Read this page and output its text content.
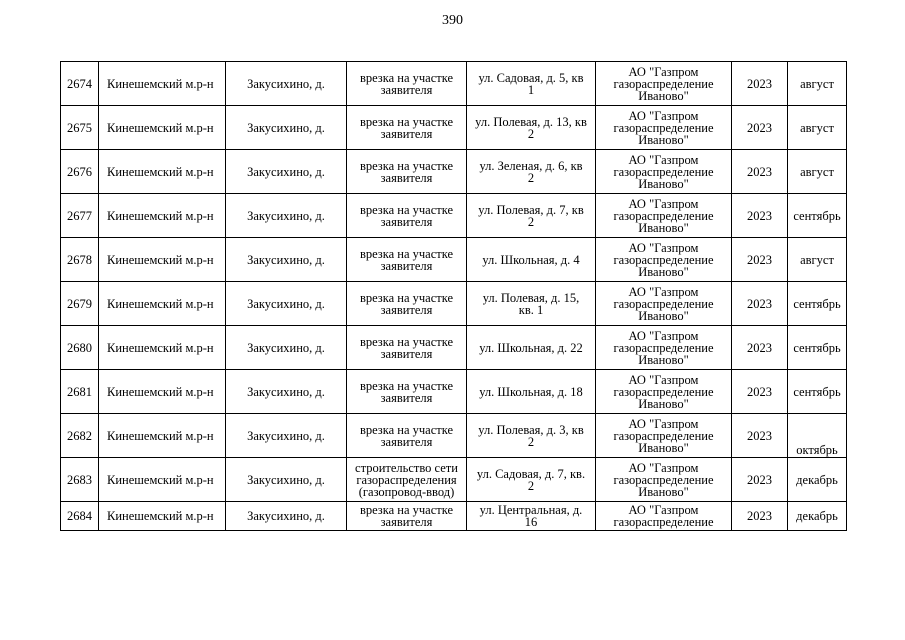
390
2674	Кинешемский м.р-н	Закусихино, д.	врезка на участке
заявителя	ул. Садовая, д. 5, кв
1	АО "Газпром
газораспределение
Иваново"	2023	август
2675	Кинешемский м.р-н	Закусихино, д.	врезка на участке
заявителя	ул. Полевая, д. 13, кв
2	АО "Газпром
газораспределение
Иваново"	2023	август
2676	Кинешемский м.р-н	Закусихино, д.	врезка на участке
заявителя	ул. Зеленая, д. 6, кв
2	АО "Газпром
газораспределение
Иваново"	2023	август
2677	Кинешемский м.р-н	Закусихино, д.	врезка на участке
заявителя	ул. Полевая, д. 7, кв
2	АО "Газпром
газораспределение
Иваново"	2023	сентябрь
2678	Кинешемский м.р-н	Закусихино, д.	врезка на участке
заявителя	ул. Школьная, д. 4	АО "Газпром
газораспределение
Иваново"	2023	август
2679	Кинешемский м.р-н	Закусихино, д.	врезка на участке
заявителя	ул. Полевая, д. 15,
кв. 1	АО "Газпром
газораспределение
Иваново"	2023	сентябрь
2680	Кинешемский м.р-н	Закусихино, д.	врезка на участке
заявителя	ул. Школьная, д. 22	АО "Газпром
газораспределение
Иваново"	2023	сентябрь
2681	Кинешемский м.р-н	Закусихино, д.	врезка на участке
заявителя	ул. Школьная, д. 18	АО "Газпром
газораспределение
Иваново"	2023	сентябрь
2682	Кинешемский м.р-н	Закусихино, д.	врезка на участке
заявителя	ул. Полевая, д. 3, кв
2	АО "Газпром
газораспределение
Иваново"	2023	октябрь
2683	Кинешемский м.р-н	Закусихино, д.	строительство сети
газораспределения
(газопровод-ввод)	ул. Садовая, д. 7, кв.
2	АО "Газпром
газораспределение
Иваново"	2023	декабрь
2684	Кинешемский м.р-н	Закусихино, д.	врезка на участке
заявителя	ул. Центральная, д.
16	АО "Газпром
газораспределение	2023	декабрь
